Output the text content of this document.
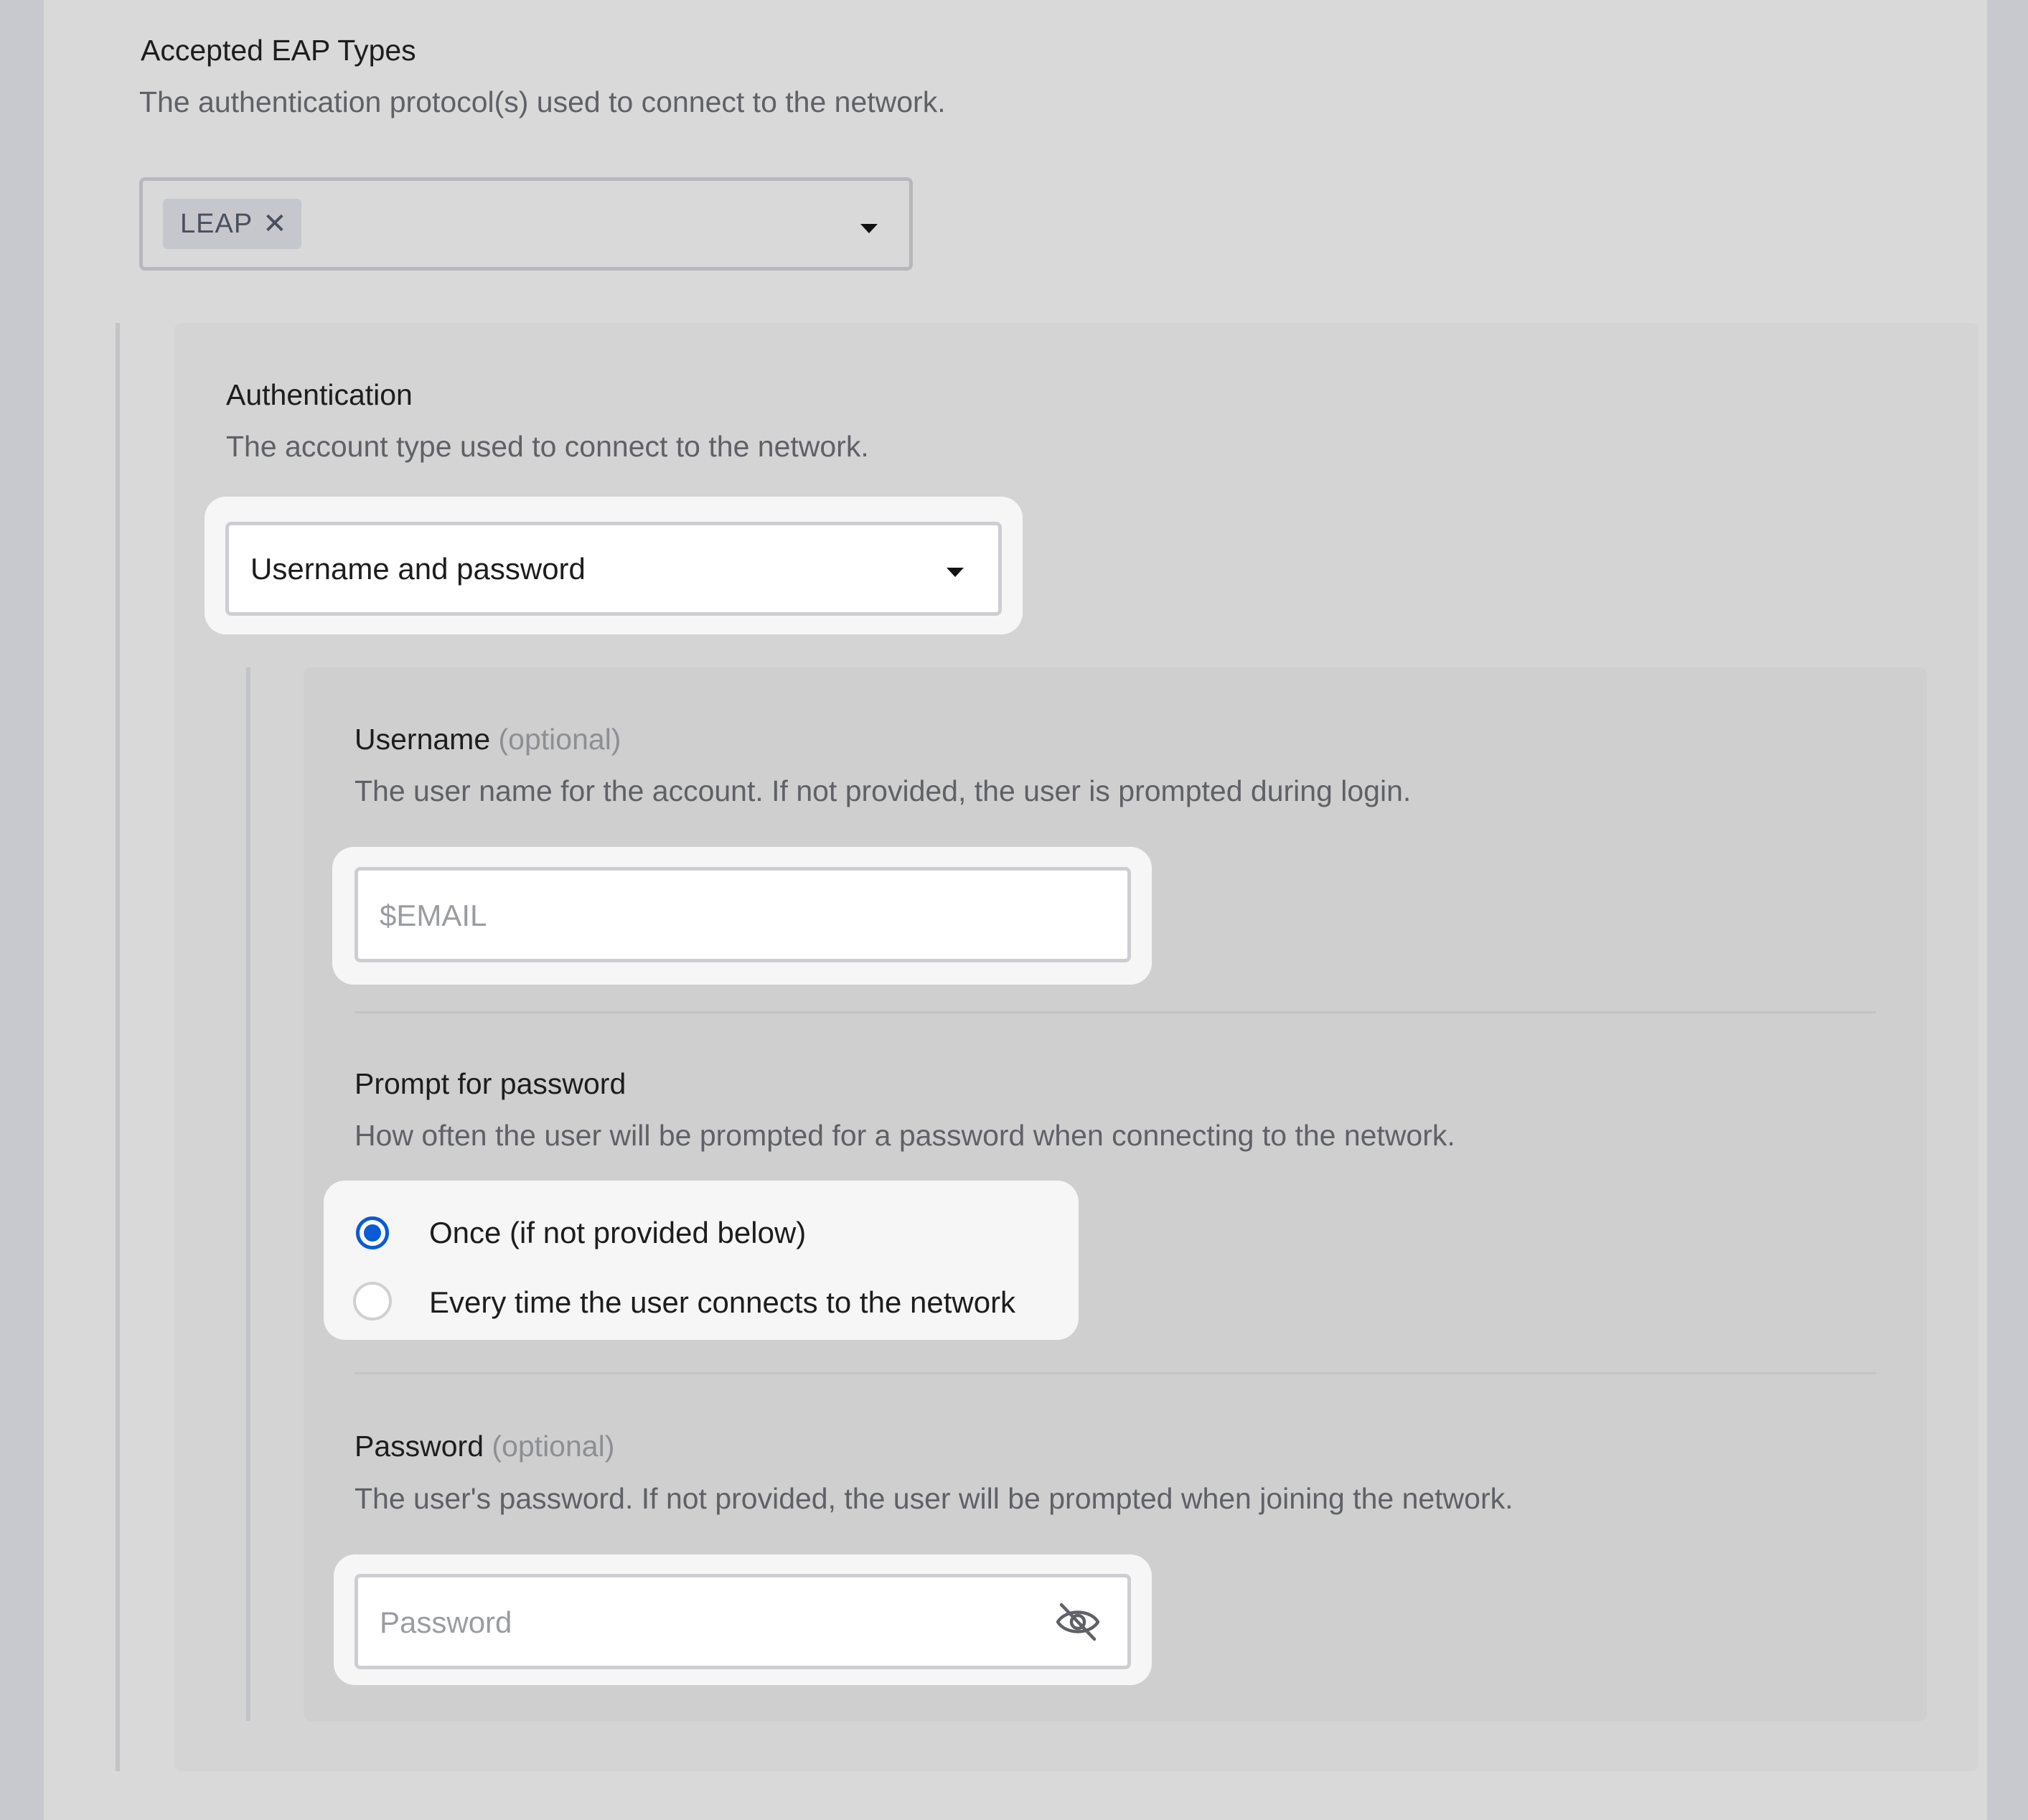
Accepted EAP Types
The authentication protocol(s) used to connect to the network.
LEAP ✕
Authentication
The account type used to connect to the network.
Username and password
Username (optional)
The user name for the account. If not provided, the user is prompted during login.
$EMAIL
Prompt for password
How often the user will be prompted for a password when connecting to the network.
Once (if not provided below)
Every time the user connects to the network
Password (optional)
The user's password. If not provided, the user will be prompted when joining the network.
Password
